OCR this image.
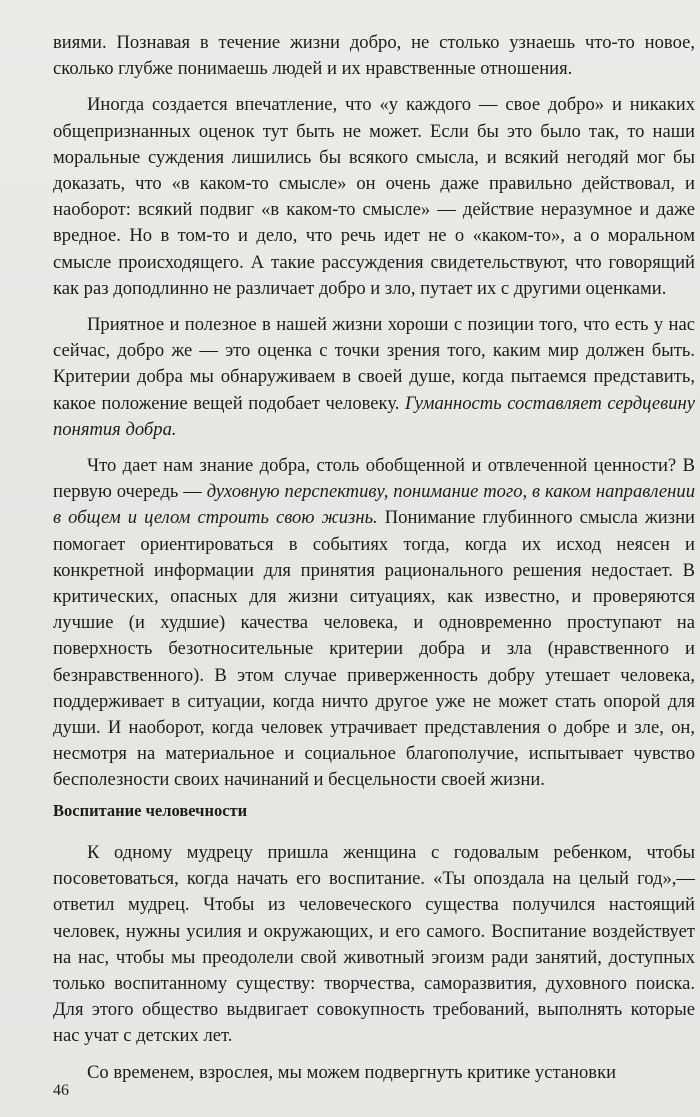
виями. Познавая в течение жизни добро, не столько узнаешь что-то новое, сколько глубже понимаешь людей и их нравственные отношения.

Иногда создается впечатление, что «у каждого — свое добро» и никаких общепризнанных оценок тут быть не может. Если бы это было так, то наши моральные суждения лишились бы всякого смысла, и всякий негодяй мог бы доказать, что «в каком-то смысле» он очень даже правильно действовал, и наоборот: всякий подвиг «в каком-то смысле» — действие неразумное и даже вредное. Но в том-то и дело, что речь идет не о «каком-то», а о моральном смысле происходящего. А такие рассуждения свидетельствуют, что говорящий как раз доподлинно не различает добро и зло, путает их с другими оценками.

Приятное и полезное в нашей жизни хороши с позиции того, что есть у нас сейчас, добро же — это оценка с точки зрения того, каким мир должен быть. Критерии добра мы обнаруживаем в своей душе, когда пытаемся представить, какое положение вещей подобает человеку. Гуманность составляет сердцевину понятия добра.

Что дает нам знание добра, столь обобщенной и отвлеченной ценности? В первую очередь — духовную перспективу, понимание того, в каком направлении в общем и целом строить свою жизнь. Понимание глубинного смысла жизни помогает ориентироваться в событиях тогда, когда их исход неясен и конкретной информации для принятия рационального решения недостает. В критических, опасных для жизни ситуациях, как известно, и проверяются лучшие (и худшие) качества человека, и одновременно проступают на поверхность безотносительные критерии добра и зла (нравственного и безнравственного). В этом случае приверженность добру утешает человека, поддерживает в ситуации, когда ничто другое уже не может стать опорой для души. И наоборот, когда человек утрачивает представления о добре и зле, он, несмотря на материальное и социальное благополучие, испытывает чувство бесполезности своих начинаний и бесцельности своей жизни.

Воспитание человечности

К одному мудрецу пришла женщина с годовалым ребенком, чтобы посоветоваться, когда начать его воспитание. «Ты опоздала на целый год»,— ответил мудрец. Чтобы из человеческого существа получился настоящий человек, нужны усилия и окружающих, и его самого. Воспитание воздействует на нас, чтобы мы преодолели свой животный эгоизм ради занятий, доступных только воспитанному существу: творчества, саморазвития, духовного поиска. Для этого общество выдвигает совокупность требований, выполнять которые нас учат с детских лет.

Со временем, взрослея, мы можем подвергнуть критике установки

46
